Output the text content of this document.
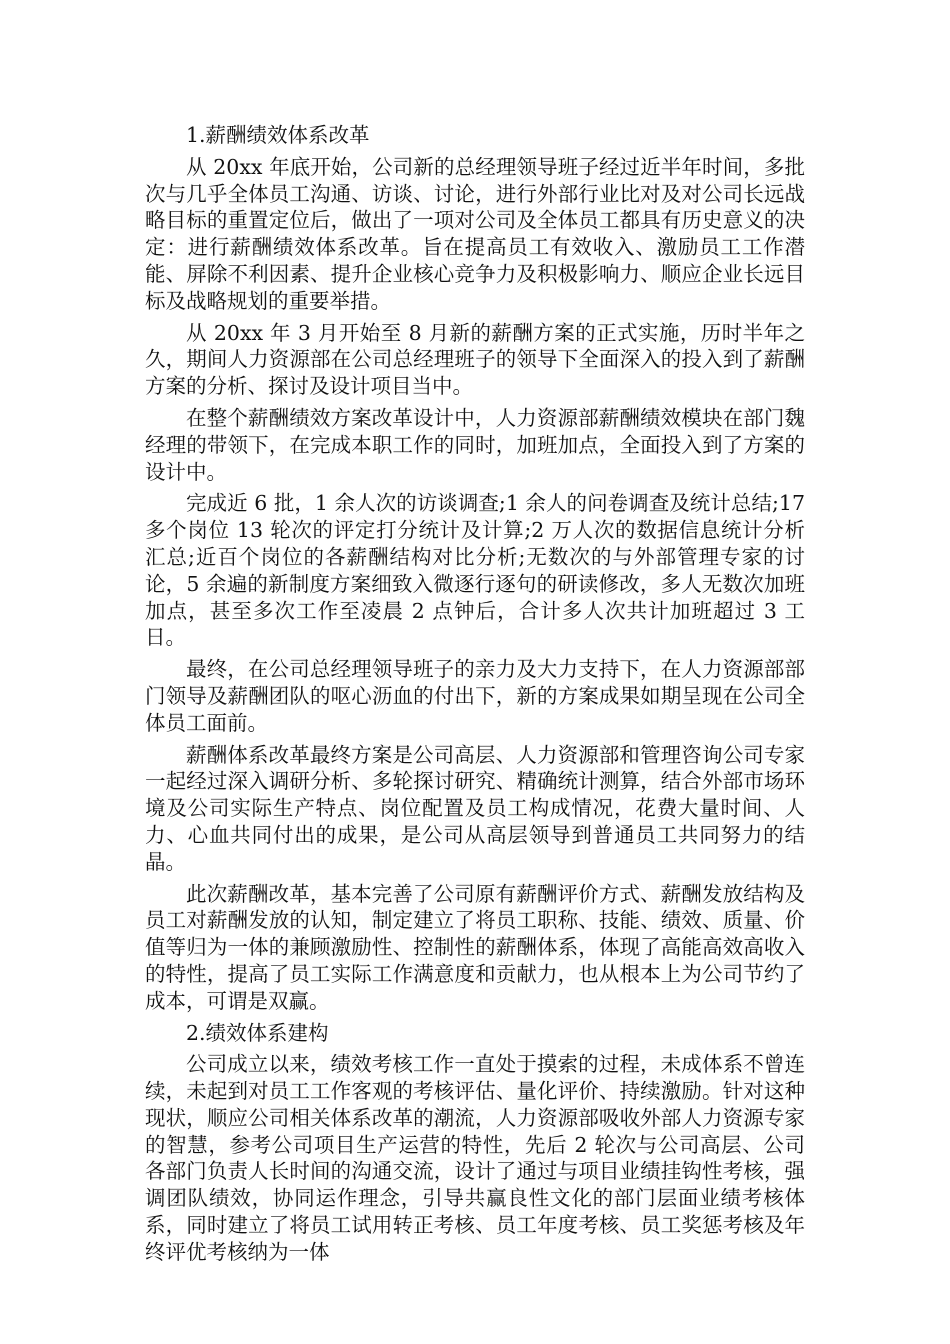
1.薪酬绩效体系改革

从 20xx 年底开始，公司新的总经理领导班子经过近半年时间，多批次与几乎全体员工沟通、访谈、讨论，进行外部行业比对及对公司长远战略目标的重置定位后，做出了一项对公司及全体员工都具有历史意义的决定：进行薪酬绩效体系改革。旨在提高员工有效收入、激励员工工作潜能、屏除不利因素、提升企业核心竞争力及积极影响力、顺应企业长远目标及战略规划的重要举措。

从 20xx 年 3 月开始至 8 月新的薪酬方案的正式实施，历时半年之久，期间人力资源部在公司总经理班子的领导下全面深入的投入到了薪酬方案的分析、探讨及设计项目当中。

在整个薪酬绩效方案改革设计中，人力资源部薪酬绩效模块在部门魏经理的带领下，在完成本职工作的同时，加班加点，全面投入到了方案的设计中。

完成近 6 批，1 余人次的访谈调查;1 余人的问卷调查及统计总结;17 多个岗位 13 轮次的评定打分统计及计算;2 万人次的数据信息统计分析汇总;近百个岗位的各薪酬结构对比分析;无数次的与外部管理专家的讨论，5 余遍的新制度方案细致入微逐行逐句的研读修改，多人无数次加班加点，甚至多次工作至凌晨 2 点钟后，合计多人次共计加班超过 3 工日。

最终，在公司总经理领导班子的亲力及大力支持下，在人力资源部部门领导及薪酬团队的呕心沥血的付出下，新的方案成果如期呈现在公司全体员工面前。

薪酬体系改革最终方案是公司高层、人力资源部和管理咨询公司专家一起经过深入调研分析、多轮探讨研究、精确统计测算，结合外部市场环境及公司实际生产特点、岗位配置及员工构成情况，花费大量时间、人力、心血共同付出的成果，是公司从高层领导到普通员工共同努力的结晶。

此次薪酬改革，基本完善了公司原有薪酬评价方式、薪酬发放结构及员工对薪酬发放的认知，制定建立了将员工职称、技能、绩效、质量、价值等归为一体的兼顾激励性、控制性的薪酬体系，体现了高能高效高收入的特性，提高了员工实际工作满意度和贡献力，也从根本上为公司节约了成本，可谓是双赢。

2.绩效体系建构

公司成立以来，绩效考核工作一直处于摸索的过程，未成体系不曾连续，未起到对员工工作客观的考核评估、量化评价、持续激励。针对这种现状，顺应公司相关体系改革的潮流，人力资源部吸收外部人力资源专家的智慧，参考公司项目生产运营的特性，先后 2 轮次与公司高层、公司各部门负责人长时间的沟通交流，设计了通过与项目业绩挂钩性考核，强调团队绩效，协同运作理念，引导共赢良性文化的部门层面业绩考核体系，同时建立了将员工试用转正考核、员工年度考核、员工奖惩考核及年终评优考核纳为一体
